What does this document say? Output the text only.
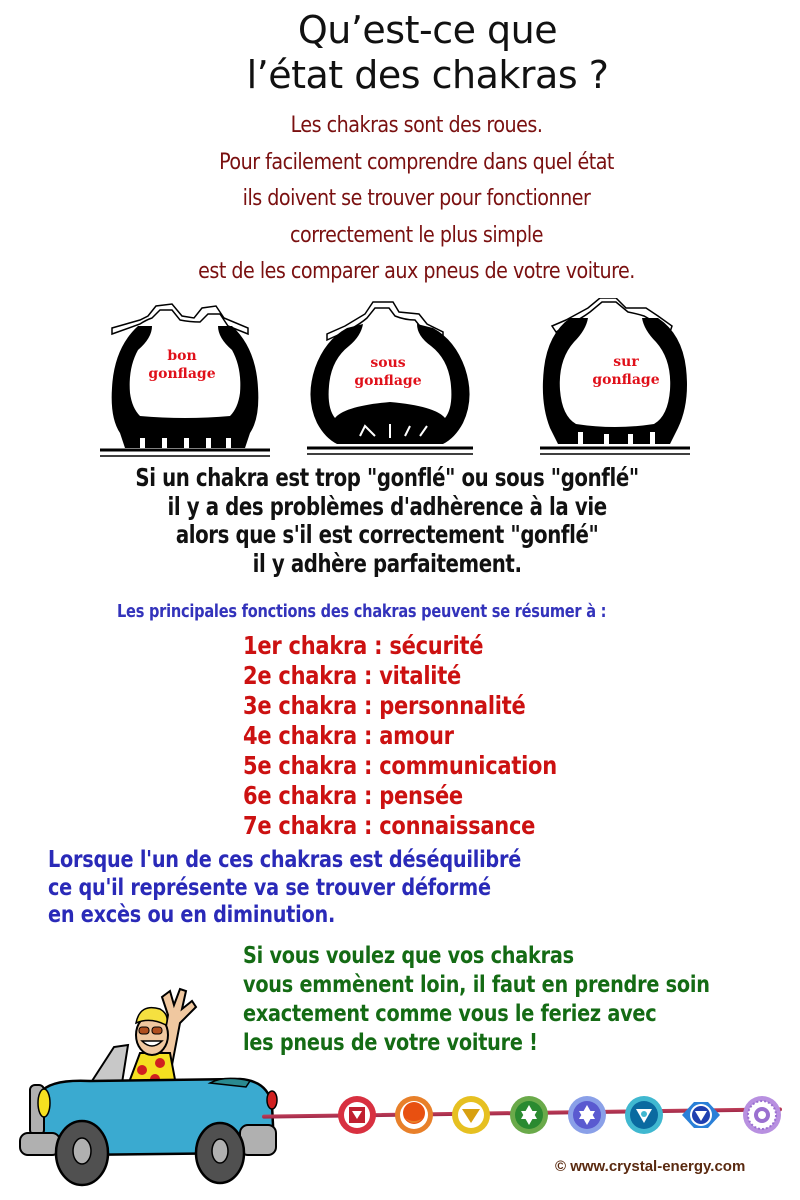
Qu’est-ce que
l’état des chakras ?
Les chakras sont des roues.
Pour facilement comprendre dans quel état
ils doivent se trouver pour fonctionner
correctement le plus simple
est de les comparer aux pneus de votre voiture.
bon
gonflage
sous
gonflage
sur
gonflage
Si un chakra est trop "gonflé" ou sous "gonflé"
il y a des problèmes d'adhèrence à la vie
alors que s'il est correctement "gonflé"
il y adhère parfaitement.
Les principales fonctions des chakras peuvent se résumer à :
1er chakra : sécurité
2e chakra : vitalité
3e chakra : personnalité
4e chakra : amour
5e chakra : communication
6e chakra : pensée
7e chakra : connaissance
Lorsque l'un de ces chakras est déséquilibré
ce qu'il représente va se trouver déformé
en excès ou en diminution.
Si vous voulez que vos chakras
vous emmènent loin, il faut en prendre soin
exactement comme vous le feriez avec
les pneus de votre voiture !
© www.crystal-energy.com
